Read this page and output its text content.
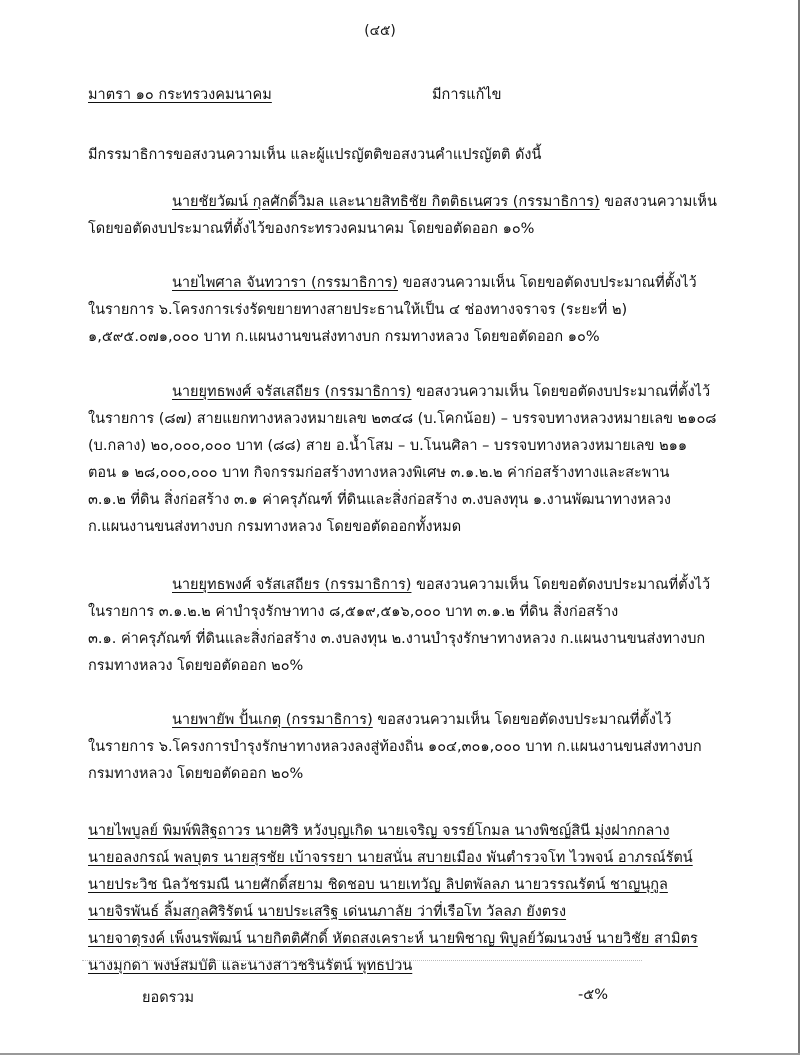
(๔๕)
มาตรา ๑๐ กระทรวงคมนาคม	มีการแก้ไข
มีกรรมาธิการขอสงวนความเห็น และผู้แปรญัตติขอสงวนคำแปรญัตติ ดังนี้
นายชัยวัฒน์ กุลศักดิ์วิมล และนายสิทธิชัย กิตติธเนศวร (กรรมาธิการ) ขอสงวนความเห็น
โดยขอตัดงบประมาณที่ตั้งไว้ของกระทรวงคมนาคม โดยขอตัดออก ๑๐%
นายไพศาล จันทวารา (กรรมาธิการ) ขอสงวนความเห็น โดยขอตัดงบประมาณที่ตั้งไว้
ในรายการ ๖.โครงการเร่งรัดขยายทางสายประธานให้เป็น ๔ ช่องทางจราจร (ระยะที่ ๒)
๑,๕๙๕.๐๗๑,๐๐๐ บาท ก.แผนงานขนส่งทางบก กรมทางหลวง โดยขอตัดออก ๑๐%
นายยุทธพงศ์ จรัสเสถียร (กรรมาธิการ) ขอสงวนความเห็น โดยขอตัดงบประมาณที่ตั้งไว้
ในรายการ (๘๗) สายแยกทางหลวงหมายเลข ๒๓๔๘ (บ.โคกน้อย) – บรรจบทางหลวงหมายเลข ๒๑๐๘
(บ.กลาง) ๒๐,๐๐๐,๐๐๐ บาท (๘๘) สาย อ.น้ำโสม – บ.โนนศิลา – บรรจบทางหลวงหมายเลข ๒๑๑
ตอน ๑ ๒๘,๐๐๐,๐๐๐ บาท กิจกรรมก่อสร้างทางหลวงพิเศษ ๓.๑.๒.๒ ค่าก่อสร้างทางและสะพาน
๓.๑.๒ ที่ดิน สิ่งก่อสร้าง ๓.๑ ค่าครุภัณฑ์ ที่ดินและสิ่งก่อสร้าง ๓.งบลงทุน ๑.งานพัฒนาทางหลวง
ก.แผนงานขนส่งทางบก กรมทางหลวง โดยขอตัดออกทั้งหมด
นายยุทธพงศ์ จรัสเสถียร (กรรมาธิการ) ขอสงวนความเห็น โดยขอตัดงบประมาณที่ตั้งไว้
ในรายการ ๓.๑.๒.๒ ค่าบำรุงรักษาทาง ๘,๕๑๙,๕๑๖,๐๐๐ บาท ๓.๑.๒ ที่ดิน สิ่งก่อสร้าง
๓.๑. ค่าครุภัณฑ์ ที่ดินและสิ่งก่อสร้าง ๓.งบลงทุน ๒.งานบำรุงรักษาทางหลวง ก.แผนงานขนส่งทางบก
กรมทางหลวง โดยขอตัดออก ๒๐%
นายพายัพ ปั้นเกตุ (กรรมาธิการ) ขอสงวนความเห็น โดยขอตัดงบประมาณที่ตั้งไว้
ในรายการ ๖.โครงการบำรุงรักษาทางหลวงลงสู่ท้องถิ่น ๑๐๔,๓๐๑,๐๐๐ บาท ก.แผนงานขนส่งทางบก
กรมทางหลวง โดยขอตัดออก ๒๐%
นายไพบูลย์ พิมพ์พิสิฐถาวร นายศิริ หวังบุญเกิด นายเจริญ จรรย์โกมล นางพิชญ์สินี มุ่งฝากกลาง
นายอลงกรณ์ พลบุตร นายสุรชัย เบ้าจรรยา นายสนั่น สบายเมือง พันตำรวจโท ไวพจน์ อาภรณ์รัตน์
นายประวิช นิลวัชรมณี นายศักดิ์สยาม ชิดชอบ นายเทวัญ ลิปตพัลลภ นายวรรณรัตน์ ชาญนุกูล
นายจิรพันธ์ ลิ้มสกุลศิริรัตน์ นายประเสริฐ เด่นนภาลัย ว่าที่เรือโท วัลลภ ยังตรง
นายจาตุรงค์ เพ็งนรพัฒน์ นายกิตติศักดิ์ หัตถสงเคราะห์ นายพิชาญ พิบูลย์วัฒนวงษ์ นายวิชัย สามิตร
นางมุกดา พงษ์สมบัติ และนางสาวชรินรัตน์ พุทธปวน
ยอดรวม	-๕%
